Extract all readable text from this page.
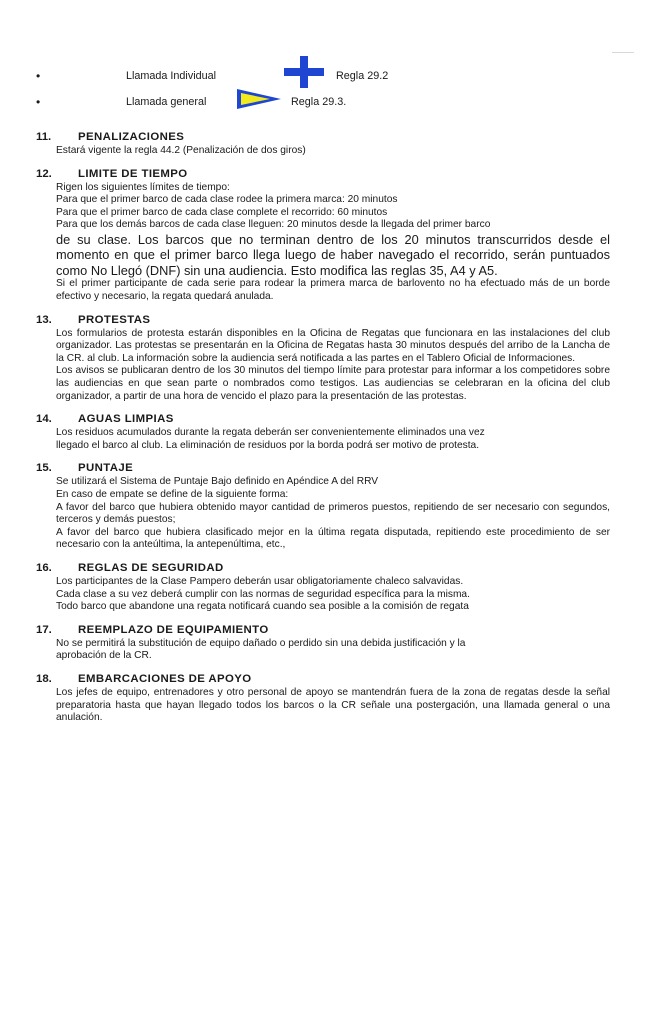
•	Llamada Individual	Regla 29.2
•	Llamada general	Regla 29.3.
11. PENALIZACIONES

Estará vigente la regla 44.2 (Penalización de dos giros)

12. LIMITE DE TIEMPO

Rigen los siguientes límites de tiempo:

Para que el primer barco de cada clase rodee la primera marca: 20 minutos

Para que el primer barco de cada clase complete el recorrido: 60 minutos

Para que los demás barcos de cada clase lleguen: 20 minutos desde la llegada del primer barco

de su clase. Los barcos que no terminan dentro de los 20 minutos transcurridos desde el momento en que el primer barco llega luego de haber navegado el recorrido, serán puntuados como No Llegó (DNF) sin una audiencia. Esto modifica las reglas 35, A4 y A5.

Si el primer participante de cada serie para rodear la primera marca de barlovento no ha efectuado más de un borde efectivo y necesario, la regata quedará anulada.

13. PROTESTAS

Los formularios de protesta estarán disponibles en la Oficina de Regatas que funcionara en las instalaciones del club organizador. Las protestas se presentarán en la Oficina de Regatas hasta 30 minutos después del arribo de la Lancha de la CR. al club. La información sobre la audiencia será notificada a las partes en el Tablero Oficial de Informaciones.

Los avisos se publicaran dentro de los 30 minutos del tiempo límite para protestar para informar a los competidores sobre las audiencias en que sean parte o nombrados como testigos. Las audiencias se celebraran en la oficina del club organizador, a partir de una hora de vencido el plazo para la presentación de las protestas.

14. AGUAS LIMPIAS

Los residuos acumulados durante la regata deberán ser convenientemente eliminados una vez

llegado el barco al club. La eliminación de residuos por la borda podrá ser motivo de protesta.

15. PUNTAJE

Se utilizará el Sistema de Puntaje Bajo definido en Apéndice A del RRV

En caso de empate se define de la siguiente forma:

A favor del barco que hubiera obtenido mayor cantidad de primeros puestos, repitiendo de ser necesario con segundos, terceros y demás puestos;

A favor del barco que hubiera clasificado mejor en la última regata disputada, repitiendo este procedimiento de ser necesario con la anteúltima, la antepenúltima, etc.,

16. REGLAS DE SEGURIDAD

Los participantes de la Clase Pampero deberán usar obligatoriamente chaleco salvavidas.

Cada clase a su vez deberá cumplir con las normas de seguridad específica para la misma.

Todo barco que abandone una regata notificará cuando sea posible a la comisión de regata

17. REEMPLAZO DE EQUIPAMIENTO

No se permitirá la substitución de equipo dañado o perdido sin una debida justificación y la

aprobación de la CR.

18. EMBARCACIONES DE APOYO

Los jefes de equipo, entrenadores y otro personal de apoyo se mantendrán fuera de la zona de regatas desde la señal preparatoria hasta que hayan llegado todos los barcos o la CR señale una postergación, una llamada general o una anulación.
